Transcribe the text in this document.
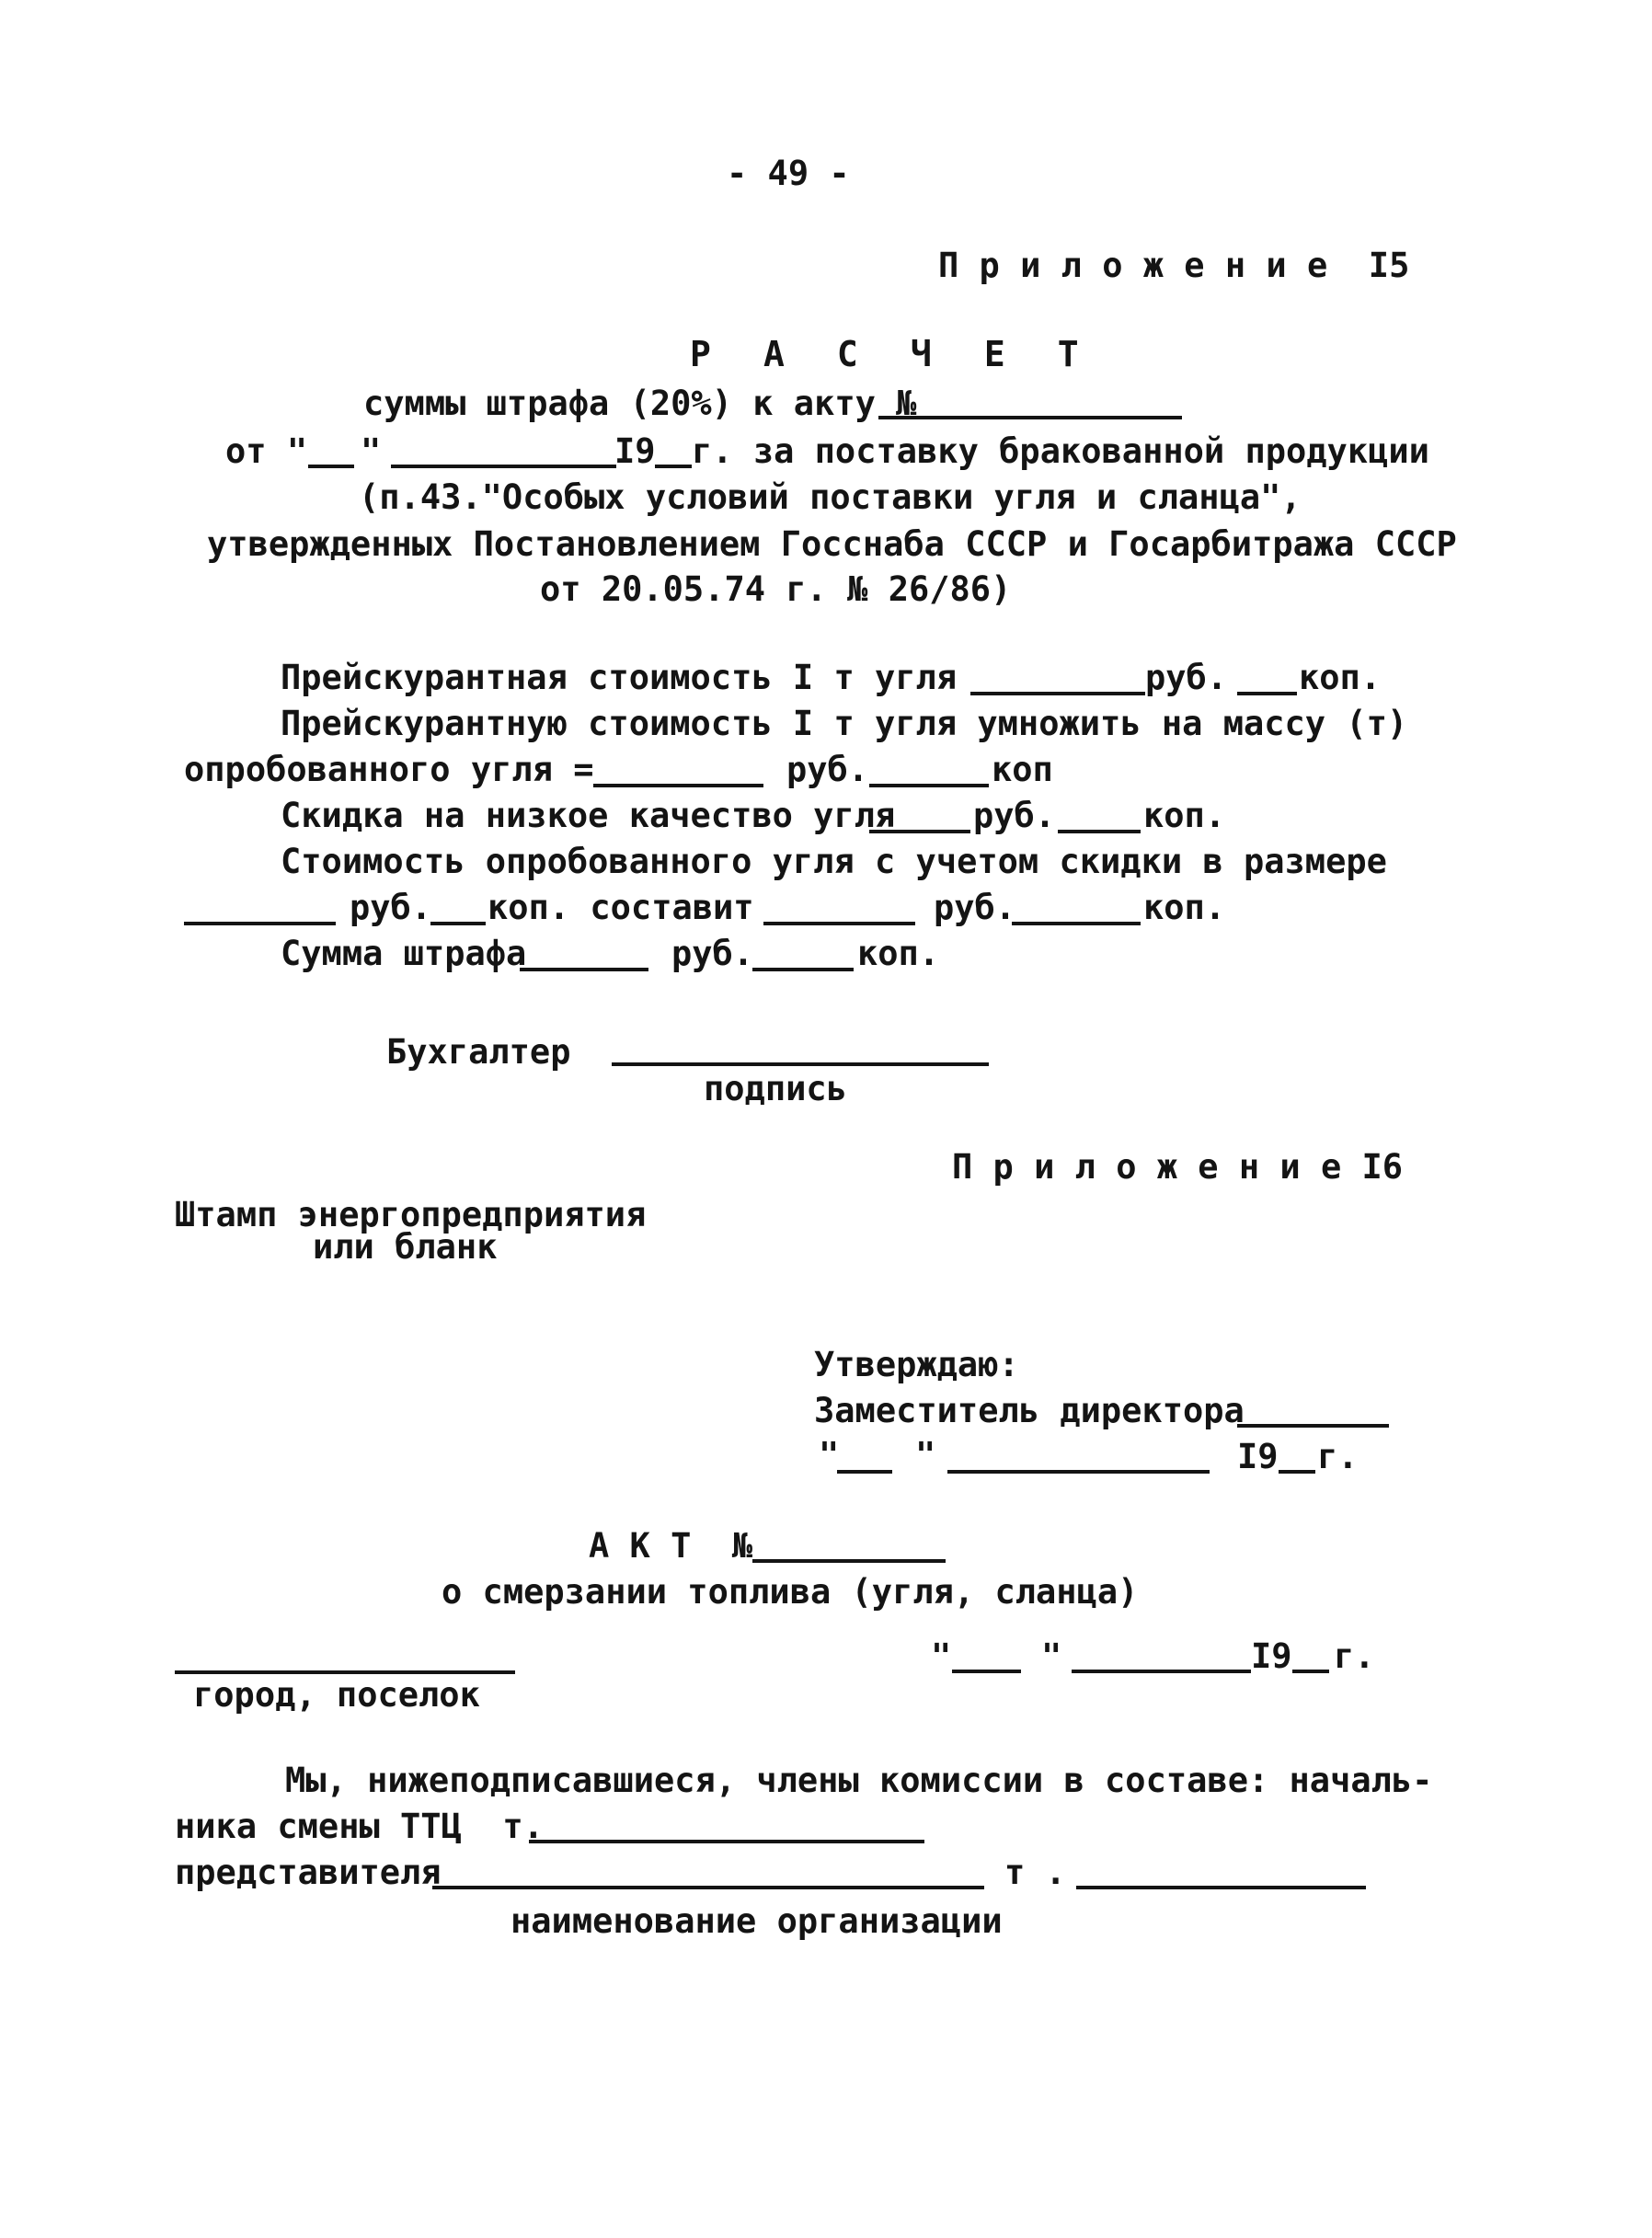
- 49 -
П р и л о ж е н и е  I5
Р А С Ч Е Т
суммы штрафа (20%) к акту №
от " "	I9 г. за поставку бракованной продукции
(п.43."Особых условий поставки угля и сланца",
утвержденных Постановлением Госснаба СССР и Госарбитража СССР
от 20.05.74 г. № 26/86)
Прейскурантная стоимость I т угля	руб. коп.
Прейскурантную стоимость I т угля умножить на массу (т)
опробованного угля =	руб.	коп
Скидка на низкое качество угля руб.	коп.
Стоимость опробованного угля с учетом скидки в размере
руб. коп. составит	руб.	коп.
Сумма штрафа	руб.	коп.
Бухгалтер
подпись
П р и л о ж е н и е I6
Штамп энергопредприятия
или бланк
Утверждаю:
Заместитель директора
" "	I9 г.
А К Т  №
о смерзании топлива (угля, сланца)
"	"	I9 г.
город, поселок
Мы, нижеподписавшиеся, члены комиссии в составе: началь-
ника смены ТТЦ  т.
представителя	т .
наименование организации
